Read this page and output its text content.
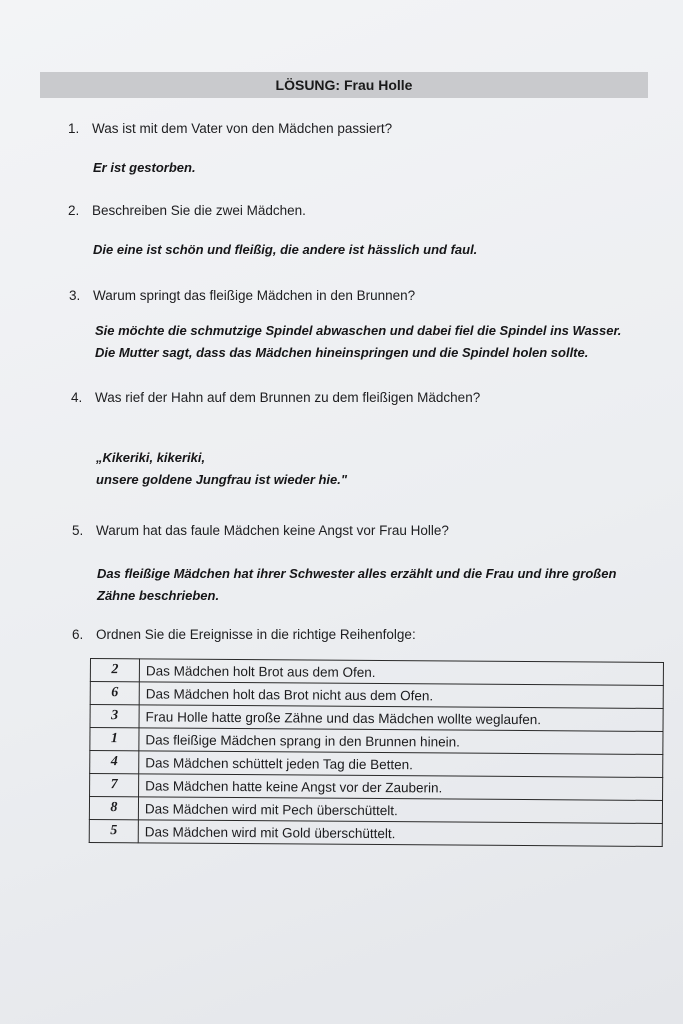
LÖSUNG: Frau Holle
1. Was ist mit dem Vater von den Mädchen passiert?
Er ist gestorben.
2. Beschreiben Sie die zwei Mädchen.
Die eine ist schön und fleißig, die andere ist hässlich und faul.
3. Warum springt das fleißige Mädchen in den Brunnen?
Sie möchte die schmutzige Spindel abwaschen und dabei fiel die Spindel ins Wasser.
Die Mutter sagt, dass das Mädchen hineinspringen und die Spindel holen sollte.
4. Was rief der Hahn auf dem Brunnen zu dem fleißigen Mädchen?
„Kikeriki, kikeriki,
unsere goldene Jungfrau ist wieder hie."
5. Warum hat das faule Mädchen keine Angst vor Frau Holle?
Das fleißige Mädchen hat ihrer Schwester alles erzählt und die Frau und ihre großen
Zähne beschrieben.
6. Ordnen Sie die Ereignisse in die richtige Reihenfolge:
2	Das Mädchen holt Brot aus dem Ofen.
6	Das Mädchen holt das Brot nicht aus dem Ofen.
3	Frau Holle hatte große Zähne und das Mädchen wollte weglaufen.
1	Das fleißige Mädchen sprang in den Brunnen hinein.
4	Das Mädchen schüttelt jeden Tag die Betten.
7	Das Mädchen hatte keine Angst vor der Zauberin.
8	Das Mädchen wird mit Pech überschüttelt.
5	Das Mädchen wird mit Gold überschüttelt.
